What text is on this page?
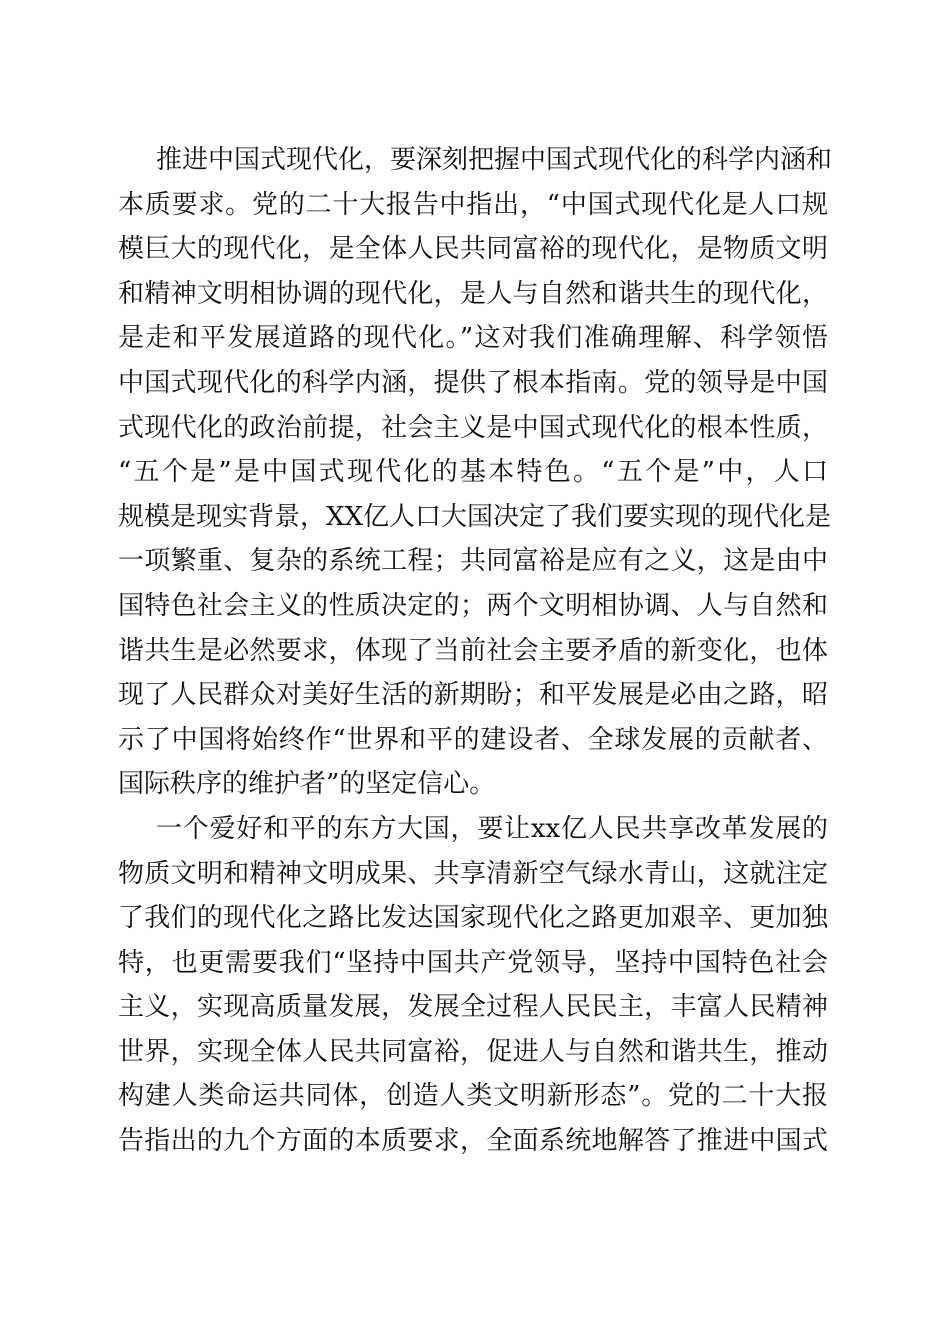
推进中国式现代化，要深刻把握中国式现代化的科学内涵和
本质要求。党的二十大报告中指出，“中国式现代化是人口规
模巨大的现代化，是全体人民共同富裕的现代化，是物质文明
和精神文明相协调的现代化，是人与自然和谐共生的现代化，
是走和平发展道路的现代化。”这对我们准确理解、科学领悟
中国式现代化的科学内涵，提供了根本指南。党的领导是中国
式现代化的政治前提，社会主义是中国式现代化的根本性质，
“五个是”是中国式现代化的基本特色。“五个是”中，人口
规模是现实背景，XX亿人口大国决定了我们要实现的现代化是
一项繁重、复杂的系统工程；共同富裕是应有之义，这是由中
国特色社会主义的性质决定的；两个文明相协调、人与自然和
谐共生是必然要求，体现了当前社会主要矛盾的新变化，也体
现了人民群众对美好生活的新期盼；和平发展是必由之路，昭
示了中国将始终作“世界和平的建设者、全球发展的贡献者、
国际秩序的维护者”的坚定信心。
一个爱好和平的东方大国，要让xx亿人民共享改革发展的
物质文明和精神文明成果、共享清新空气绿水青山，这就注定
了我们的现代化之路比发达国家现代化之路更加艰辛、更加独
特，也更需要我们“坚持中国共产党领导，坚持中国特色社会
主义，实现高质量发展，发展全过程人民民主，丰富人民精神
世界，实现全体人民共同富裕，促进人与自然和谐共生，推动
构建人类命运共同体，创造人类文明新形态”。党的二十大报
告指出的九个方面的本质要求，全面系统地解答了推进中国式
